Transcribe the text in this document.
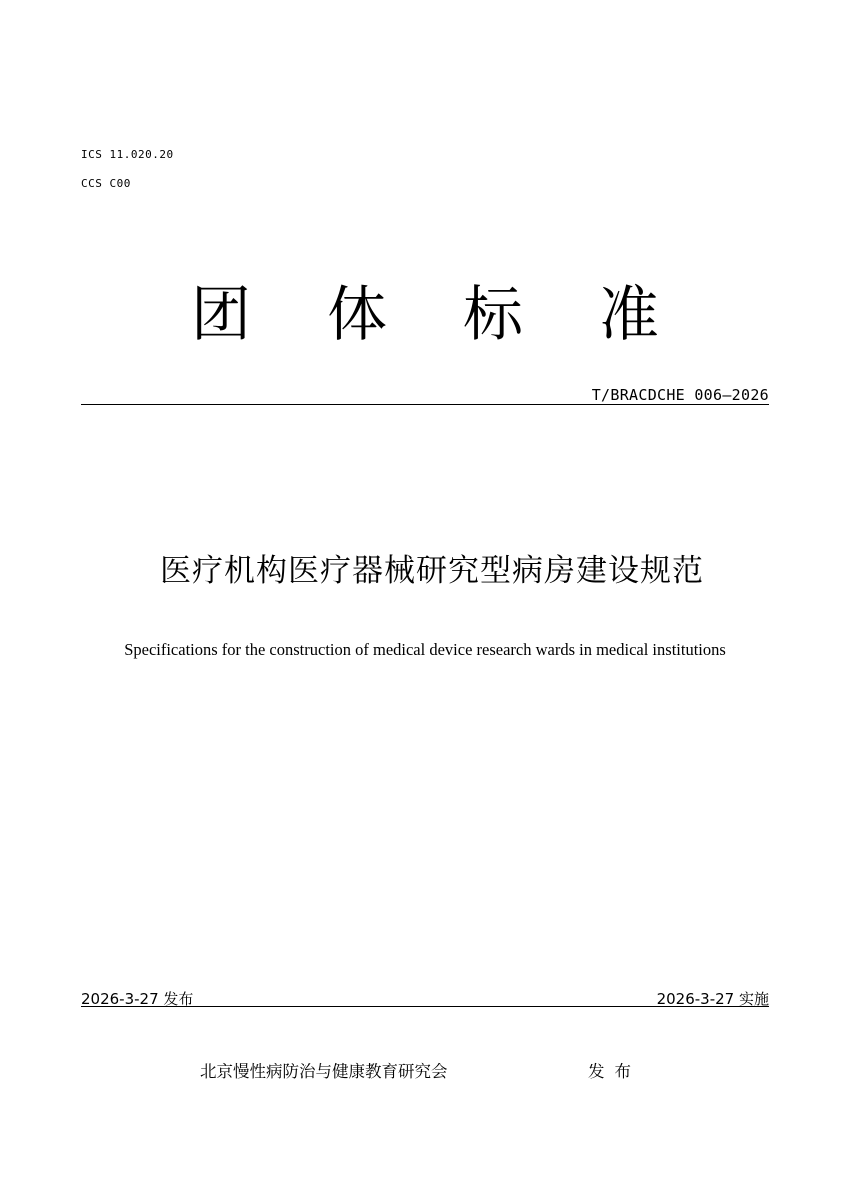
ICS 11.020.20
CCS C00
团体标准
T/BRACDCHE 006—2026
医疗机构医疗器械研究型病房建设规范
Specifications for the construction of medical device research wards in medical institutions
2026-3-27 发布	2026-3-27 实施
北京慢性病防治与健康教育研究会	发布
